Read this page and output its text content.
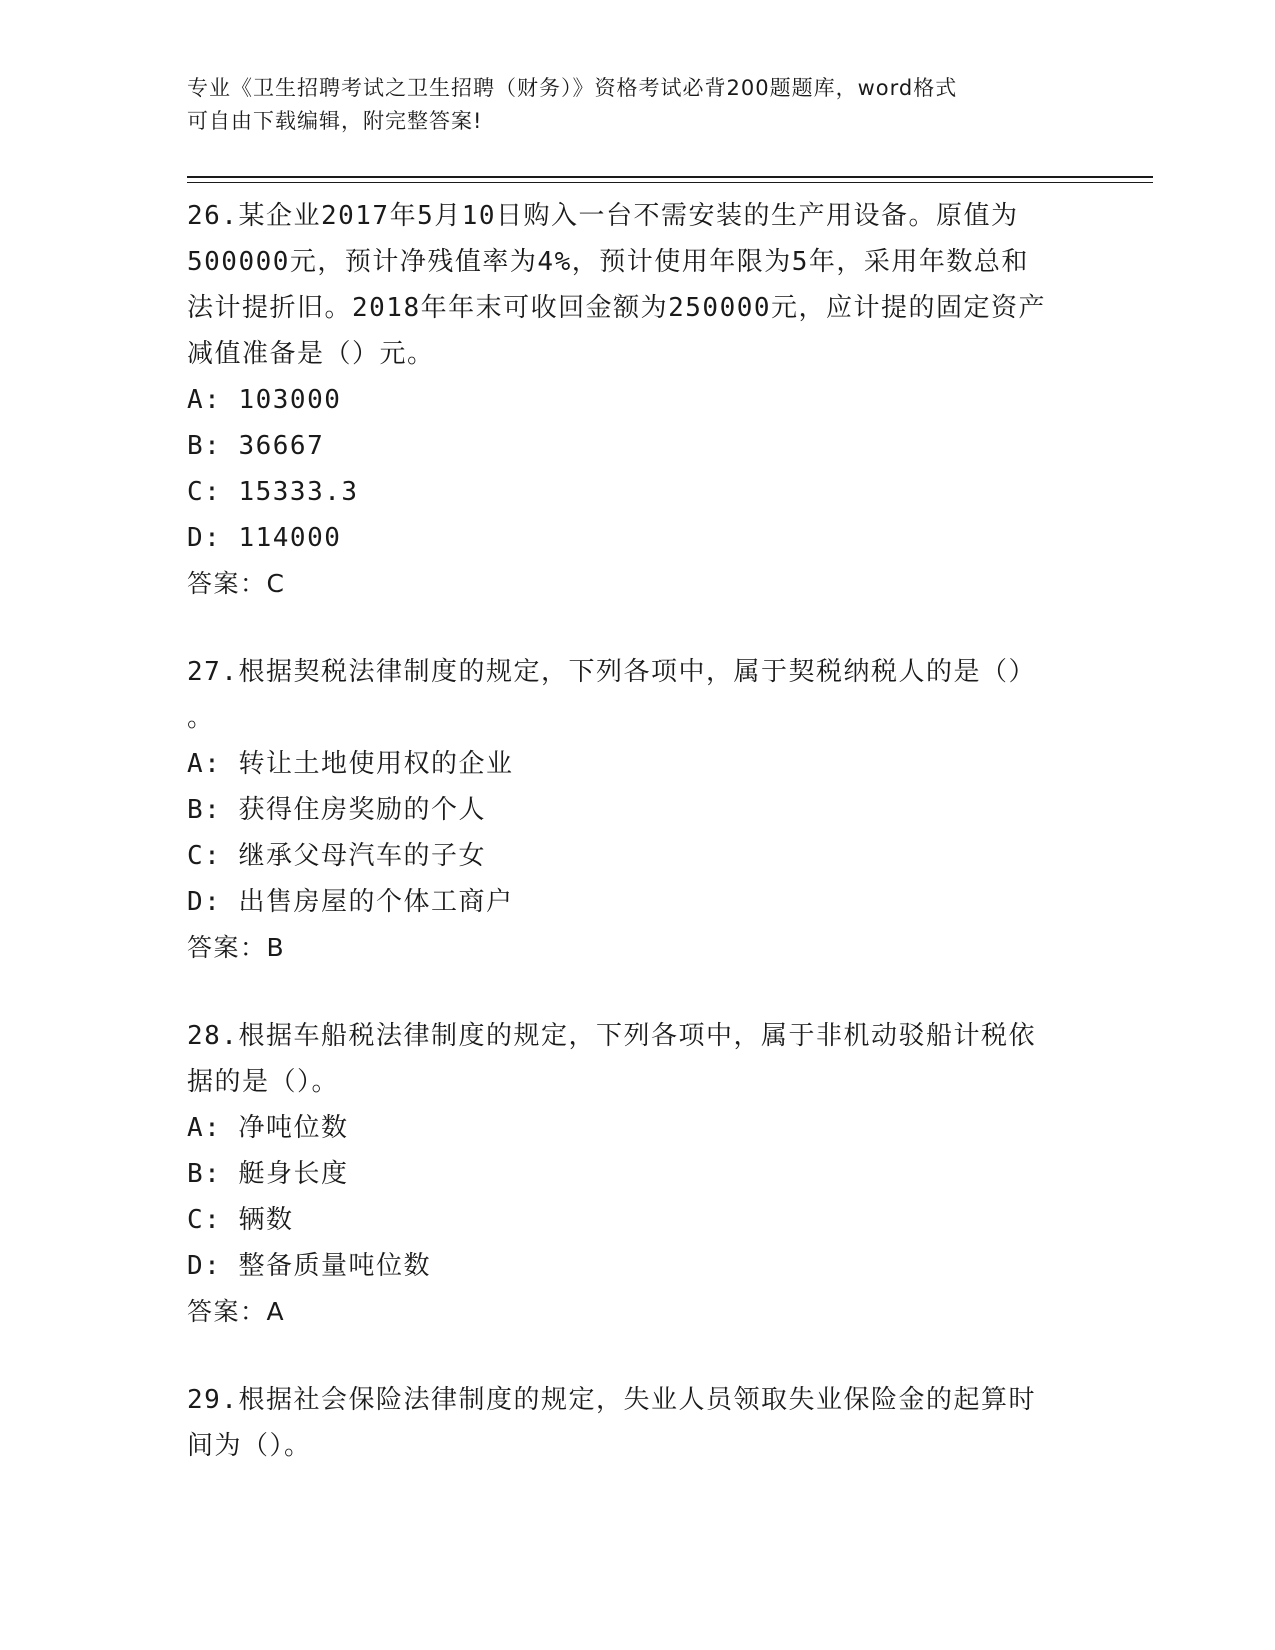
专业《卫生招聘考试之卫生招聘（财务）》资格考试必背200题题库，word格式
可自由下载编辑，附完整答案!

26.某企业2017年5月10日购入一台不需安装的生产用设备。原值为

500000元，预计净残值率为4%，预计使用年限为5年，采用年数总和

法计提折旧。2018年年末可收回金额为250000元，应计提的固定资产

减值准备是（）元。

A: 103000

B: 36667

C: 15333.3

D: 114000

答案：C

27.根据契税法律制度的规定，下列各项中，属于契税纳税人的是（）

。

A: 转让土地使用权的企业

B: 获得住房奖励的个人

C: 继承父母汽车的子女

D: 出售房屋的个体工商户

答案：B

28.根据车船税法律制度的规定，下列各项中，属于非机动驳船计税依

据的是（）。

A: 净吨位数

B: 艇身长度

C: 辆数

D: 整备质量吨位数

答案：A

29.根据社会保险法律制度的规定，失业人员领取失业保险金的起算时

间为（）。
